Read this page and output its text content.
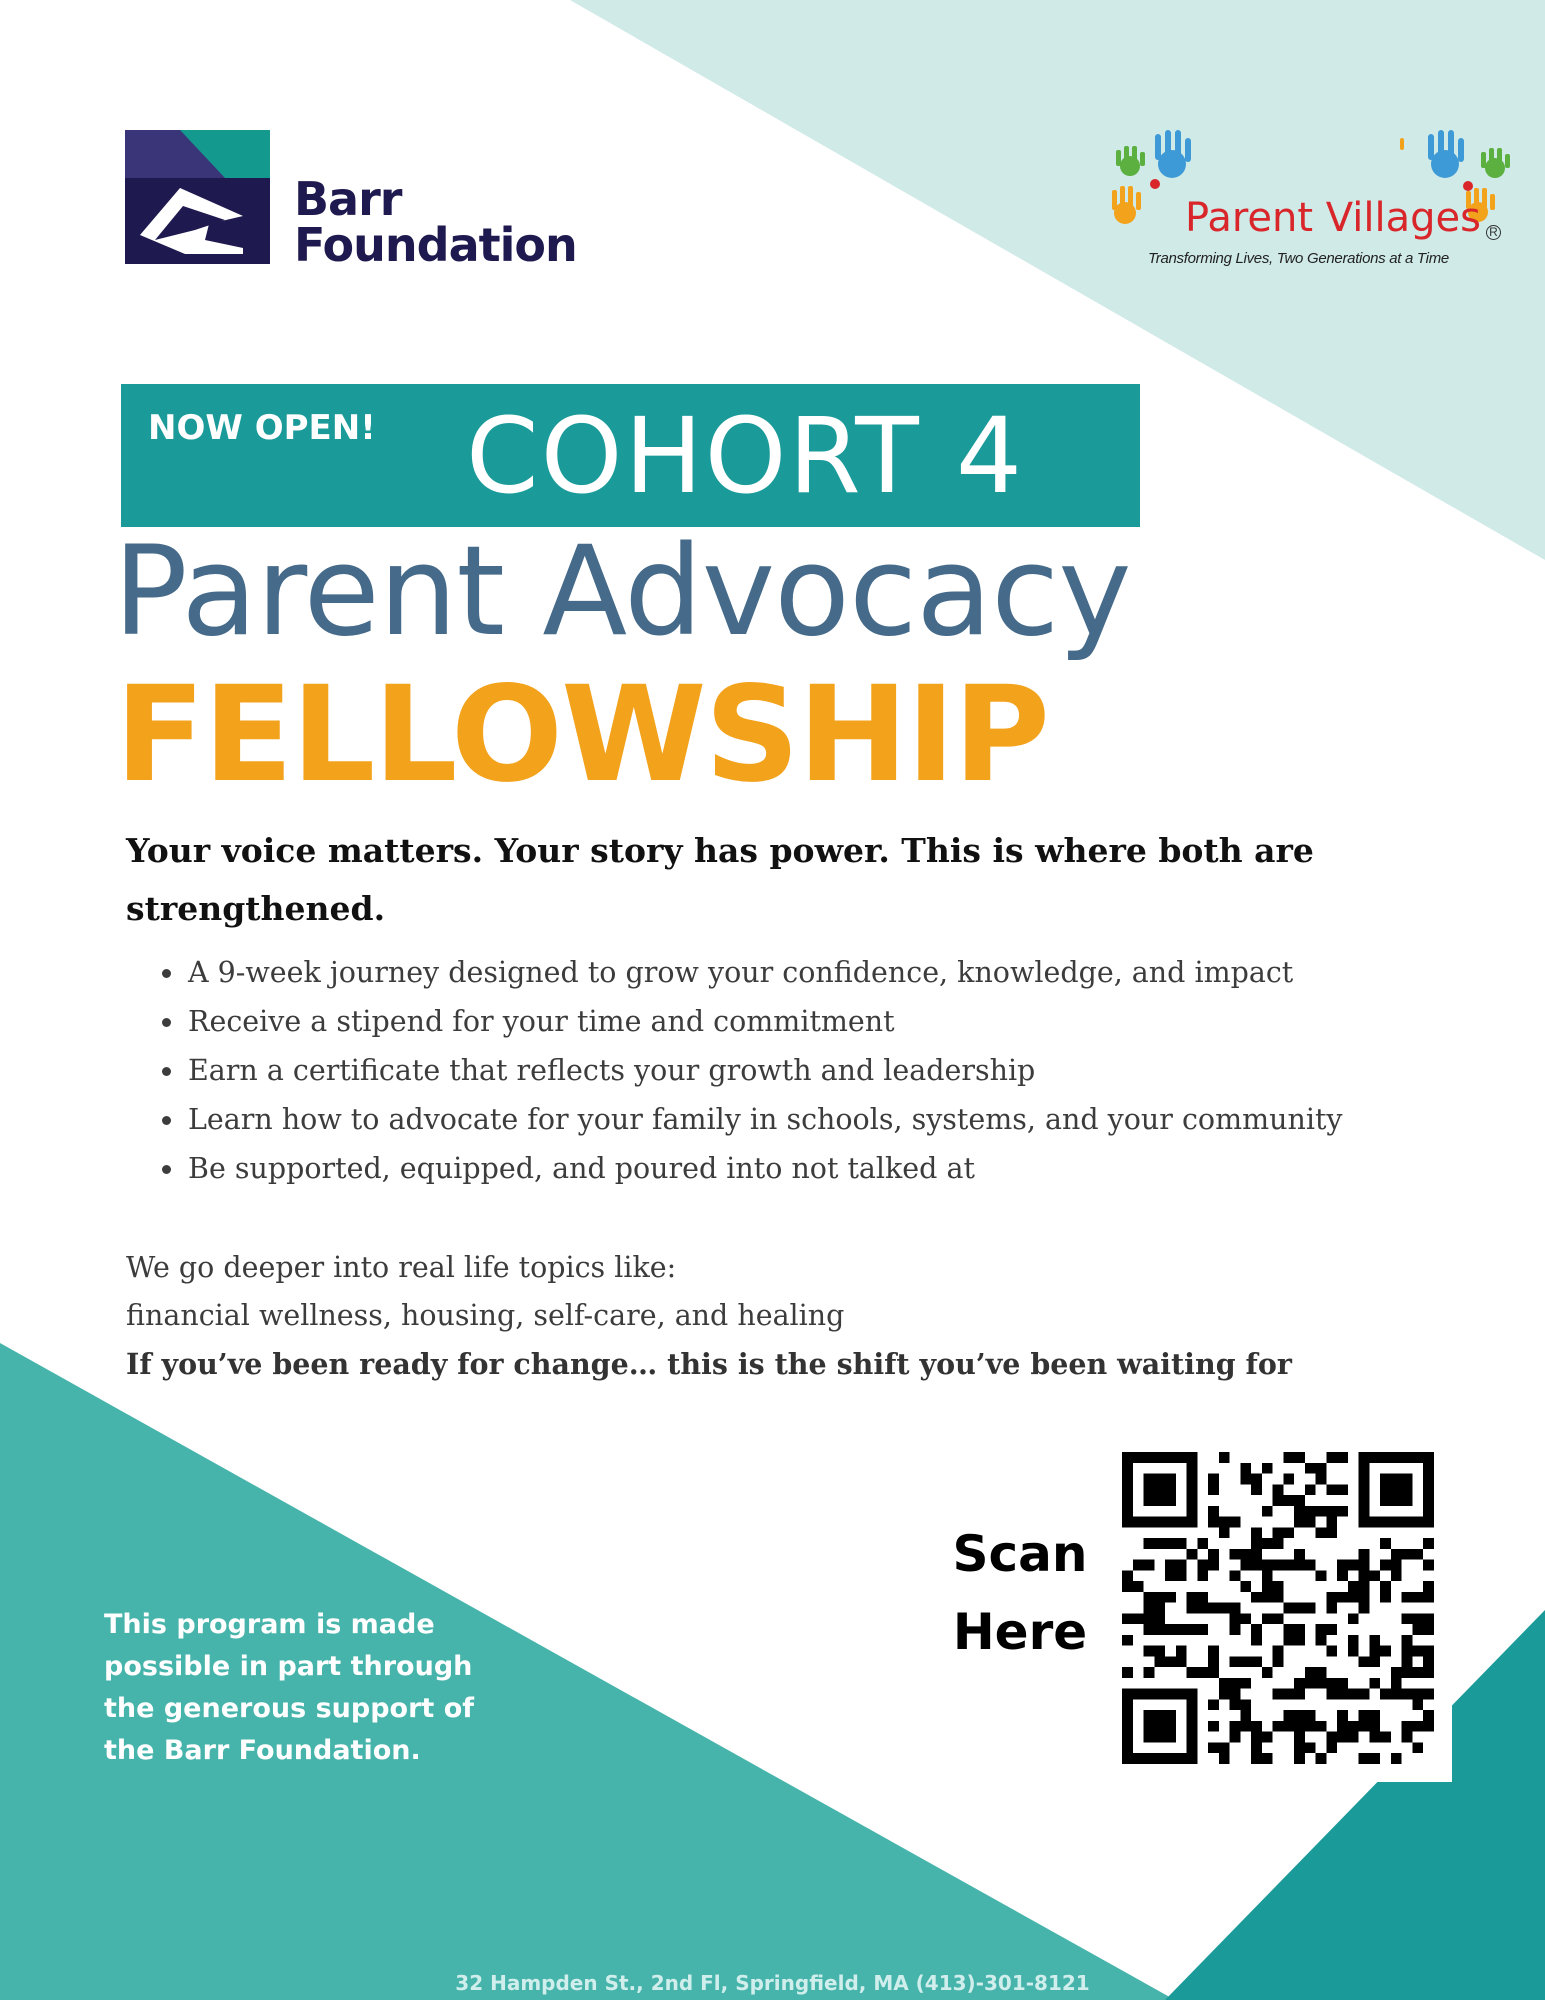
Barr
Foundation	Parent Villages R
Transforming Lives, Two Generations at a Time
NOW OPEN! COHORT 4
Parent Advocacy
FELLOWSHIP
Your voice matters. Your story has power. This is where both are strengthened.
• A 9-week journey designed to grow your confidence, knowledge, and impact
• Receive a stipend for your time and commitment
• Earn a certificate that reflects your growth and leadership
• Learn how to advocate for your family in schools, systems, and your community
• Be supported, equipped, and poured into not talked at
We go deeper into real life topics like:
financial wellness, housing, self-care, and healing
If you’ve been ready for change… this is the shift you’ve been waiting for
This program is made possible in part through the generous support of the Barr Foundation.
Scan
Here
32 Hampden St., 2nd Fl, Springfield, MA (413)-301-8121
